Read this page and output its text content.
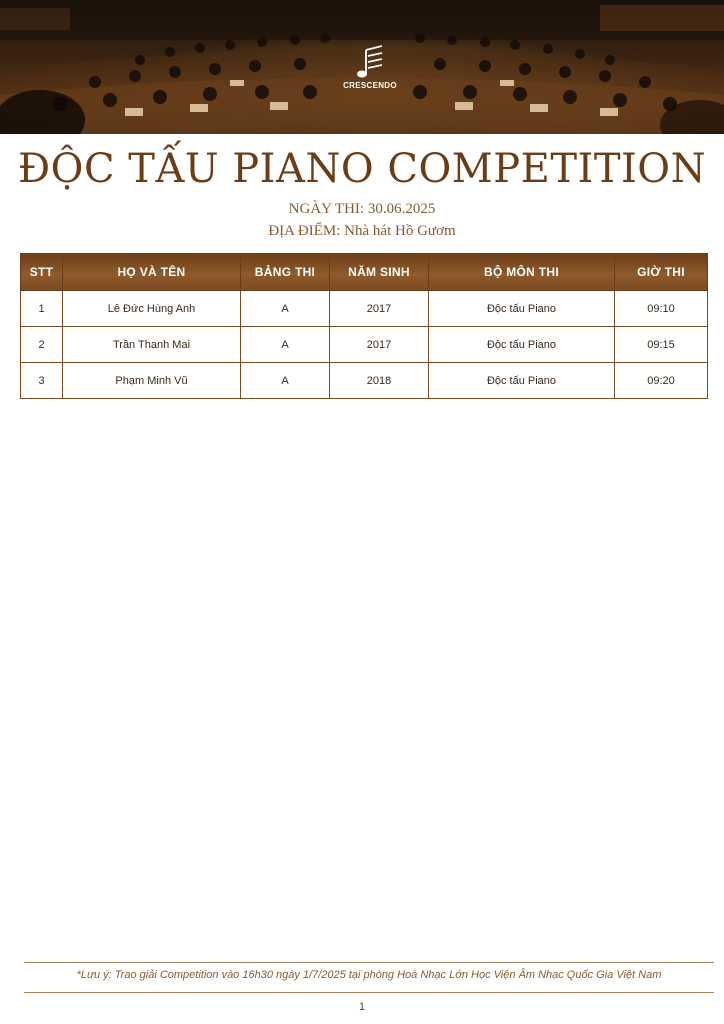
CRESCENDO
ĐỘC TẤU PIANO COMPETITION
NGÀY THI: 30.06.2025
ĐỊA ĐIỂM: Nhà hát Hồ Gươm
STT	HỌ VÀ TÊN	BẢNG THI	NĂM SINH	BỘ MÔN THI	GIỜ THI
1	Lê Đức Hùng Anh	A	2017	Độc tấu Piano	09:10
2	Trần Thanh Mai	A	2017	Độc tấu Piano	09:15
3	Phạm Minh Vũ	A	2018	Độc tấu Piano	09:20
*Lưu ý: Trao giải Competition vào 16h30 ngày 1/7/2025 tại phòng Hoà Nhạc Lớn Học Viện Âm Nhạc Quốc Gia Việt Nam
1
